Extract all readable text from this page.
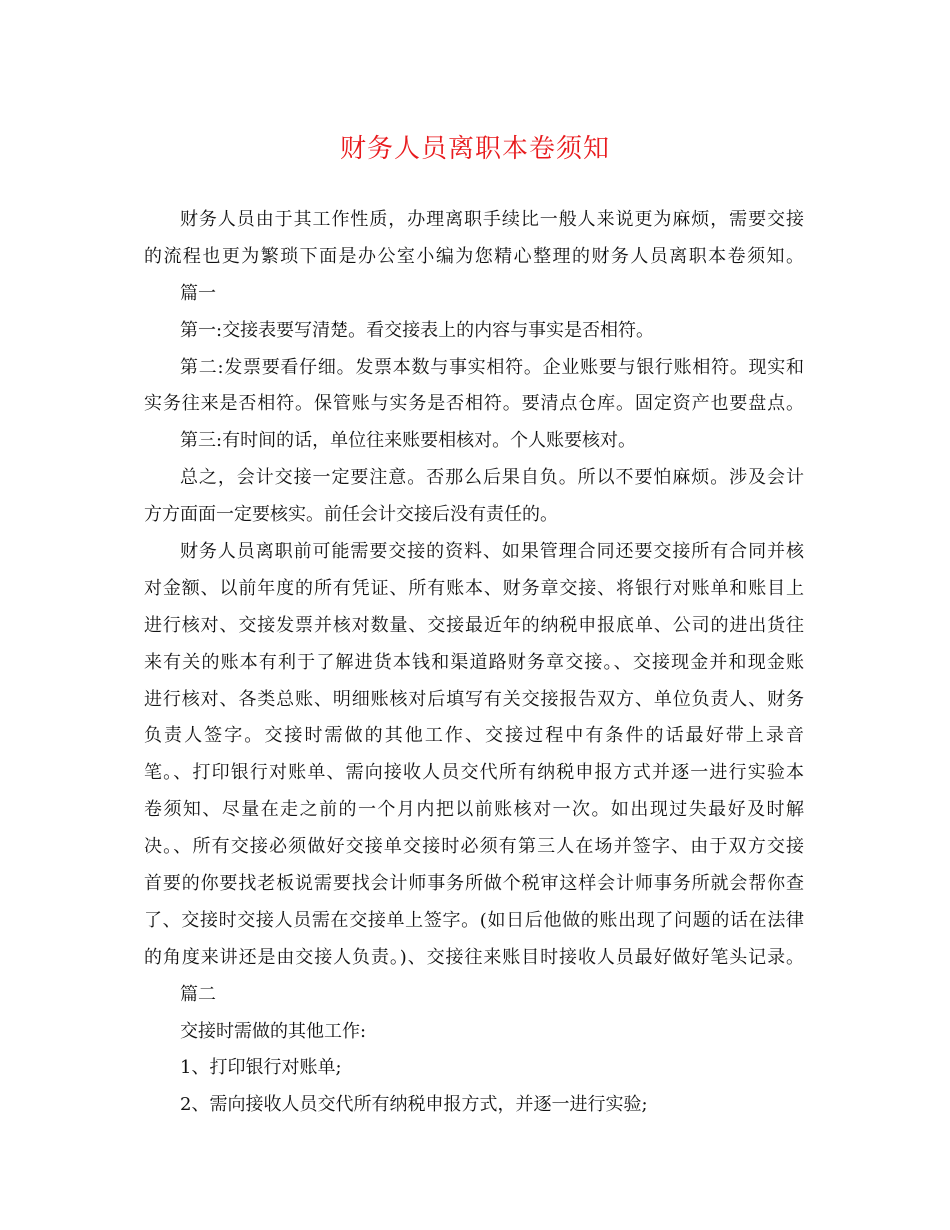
财务人员离职本卷须知
财务人员由于其工作性质，办理离职手续比一般人来说更为麻烦，需要交接
的流程也更为繁琐下面是办公室小编为您精心整理的财务人员离职本卷须知。
篇一
第一:交接表要写清楚。看交接表上的内容与事实是否相符。
第二:发票要看仔细。发票本数与事实相符。企业账要与银行账相符。现实和
实务往来是否相符。保管账与实务是否相符。要清点仓库。固定资产也要盘点。
第三:有时间的话，单位往来账要相核对。个人账要核对。
总之，会计交接一定要注意。否那么后果自负。所以不要怕麻烦。涉及会计
方方面面一定要核实。前任会计交接后没有责任的。
财务人员离职前可能需要交接的资料、如果管理合同还要交接所有合同并核
对金额、以前年度的所有凭证、所有账本、财务章交接、将银行对账单和账目上
进行核对、交接发票并核对数量、交接最近年的纳税申报底单、公司的进出货往
来有关的账本有利于了解进货本钱和渠道路财务章交接。、交接现金并和现金账
进行核对、各类总账、明细账核对后填写有关交接报告双方、单位负责人、财务
负责人签字。交接时需做的其他工作、交接过程中有条件的话最好带上录音
笔。、打印银行对账单、需向接收人员交代所有纳税申报方式并逐一进行实验本
卷须知、尽量在走之前的一个月内把以前账核对一次。如出现过失最好及时解
决。、所有交接必须做好交接单交接时必须有第三人在场并签字、由于双方交接
首要的你要找老板说需要找会计师事务所做个税审这样会计师事务所就会帮你查
了、交接时交接人员需在交接单上签字。(如日后他做的账出现了问题的话在法律
的角度来讲还是由交接人负责。)、交接往来账目时接收人员最好做好笔头记录。
篇二
交接时需做的其他工作:
1、打印银行对账单;
2、需向接收人员交代所有纳税申报方式，并逐一进行实验;
